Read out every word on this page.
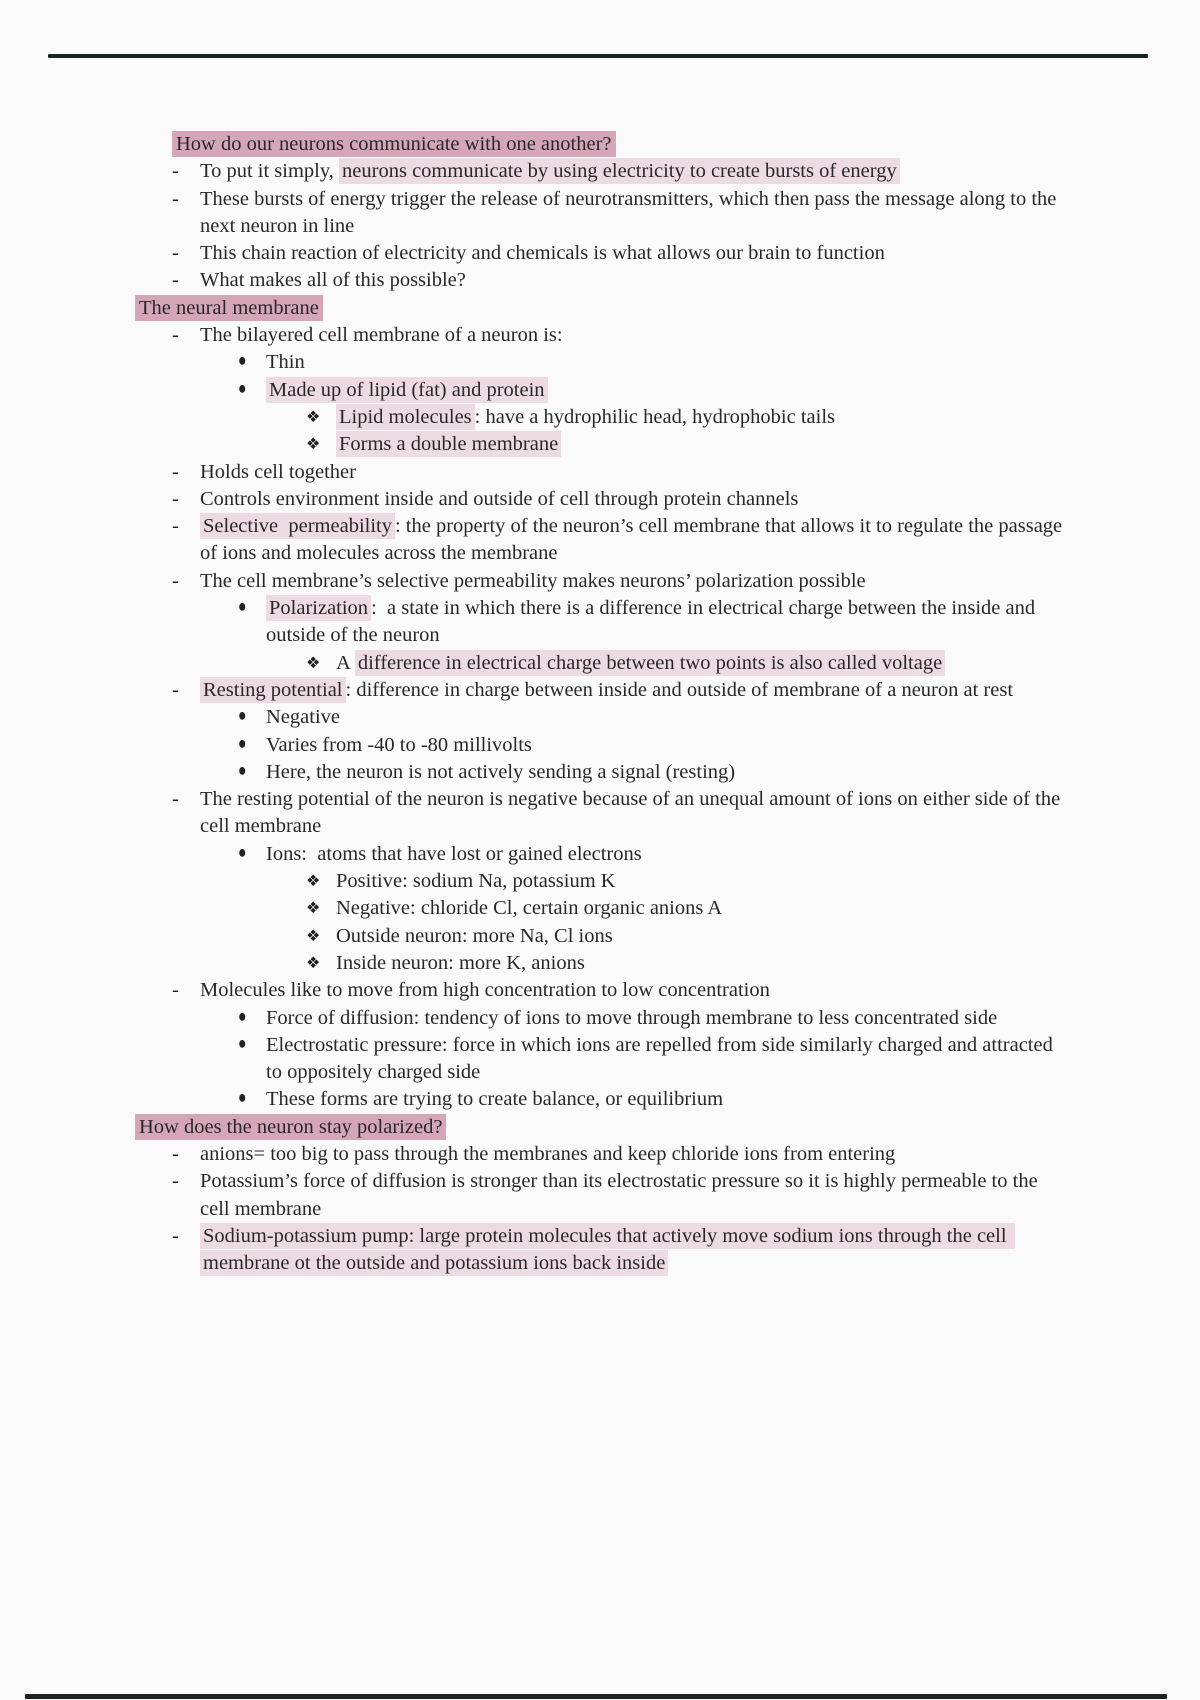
How do our neurons communicate with one another?
-	To put it simply, neurons communicate by using electricity to create bursts of energy
-	These bursts of energy trigger the release of neurotransmitters, which then pass the message along to the next neuron in line
-	This chain reaction of electricity and chemicals is what allows our brain to function
-	What makes all of this possible?
The neural membrane
-	The bilayered cell membrane of a neuron is:
● Thin
●	Made up of lipid (fat) and protein
❖ Lipid molecules : have a hydrophilic head, hydrophobic tails
❖ Forms a double membrane
-	Holds cell together
-	Controls environment inside and outside of cell through protein channels
-	Selective  permeability : the property of the neuron’s cell membrane that allows it to regulate the passage of ions and molecules across the membrane
-	The cell membrane’s selective permeability makes neurons’ polarization possible
●	Polarization :  a state in which there is a difference in electrical charge between the inside and outside of the neuron
❖ A difference in electrical charge between two points is also called voltage
-	Resting potential : difference in charge between inside and outside of membrane of a neuron at rest
● Negative
● Varies from -40 to -80 millivolts
● Here, the neuron is not actively sending a signal (resting)
-	The resting potential of the neuron is negative because of an unequal amount of ions on either side of the cell membrane
● Ions:  atoms that have lost or gained electrons
❖ Positive: sodium Na, potassium K
❖ Negative: chloride Cl, certain organic anions A
❖ Outside neuron: more Na, Cl ions
❖ Inside neuron: more K, anions
-	Molecules like to move from high concentration to low concentration
● Force of diffusion: tendency of ions to move through membrane to less concentrated side
● Electrostatic pressure: force in which ions are repelled from side similarly charged and attracted to oppositely charged side
● These forms are trying to create balance, or equilibrium
How does the neuron stay polarized?
-	anions= too big to pass through the membranes and keep chloride ions from entering
-	Potassium’s force of diffusion is stronger than its electrostatic pressure so it is highly permeable to the cell membrane
-	Sodium-potassium pump: large protein molecules that actively move sodium ions through the cell membrane ot the outside and potassium ions back inside
